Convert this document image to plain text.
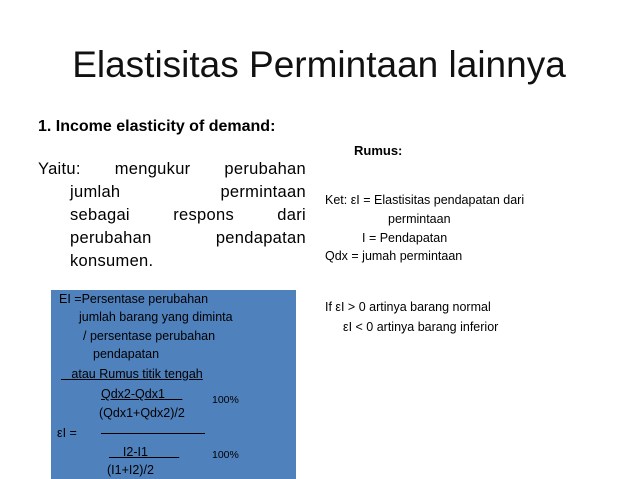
Elastisitas Permintaan lainnya
1. Income elasticity of demand:
Rumus:
Yaitu: mengukur perubahan
jumlah	permintaan
sebagai	respons	dari
perubahan	pendapatan
konsumen.
EI =Persentase perubahan
jumlah barang yang diminta
/ persentase perubahan
pendapatan
atau Rumus titik tengah
Qdx2-Qdx1	100%
(Qdx1+Qdx2)/2
εI =
I2-I1	100%
(I1+I2)/2
Ket: εI = Elastisitas pendapatan dari
permintaan
I = Pendapatan
Qdx = jumah permintaan
If εI > 0 artinya barang normal
εI < 0 artinya barang inferior
